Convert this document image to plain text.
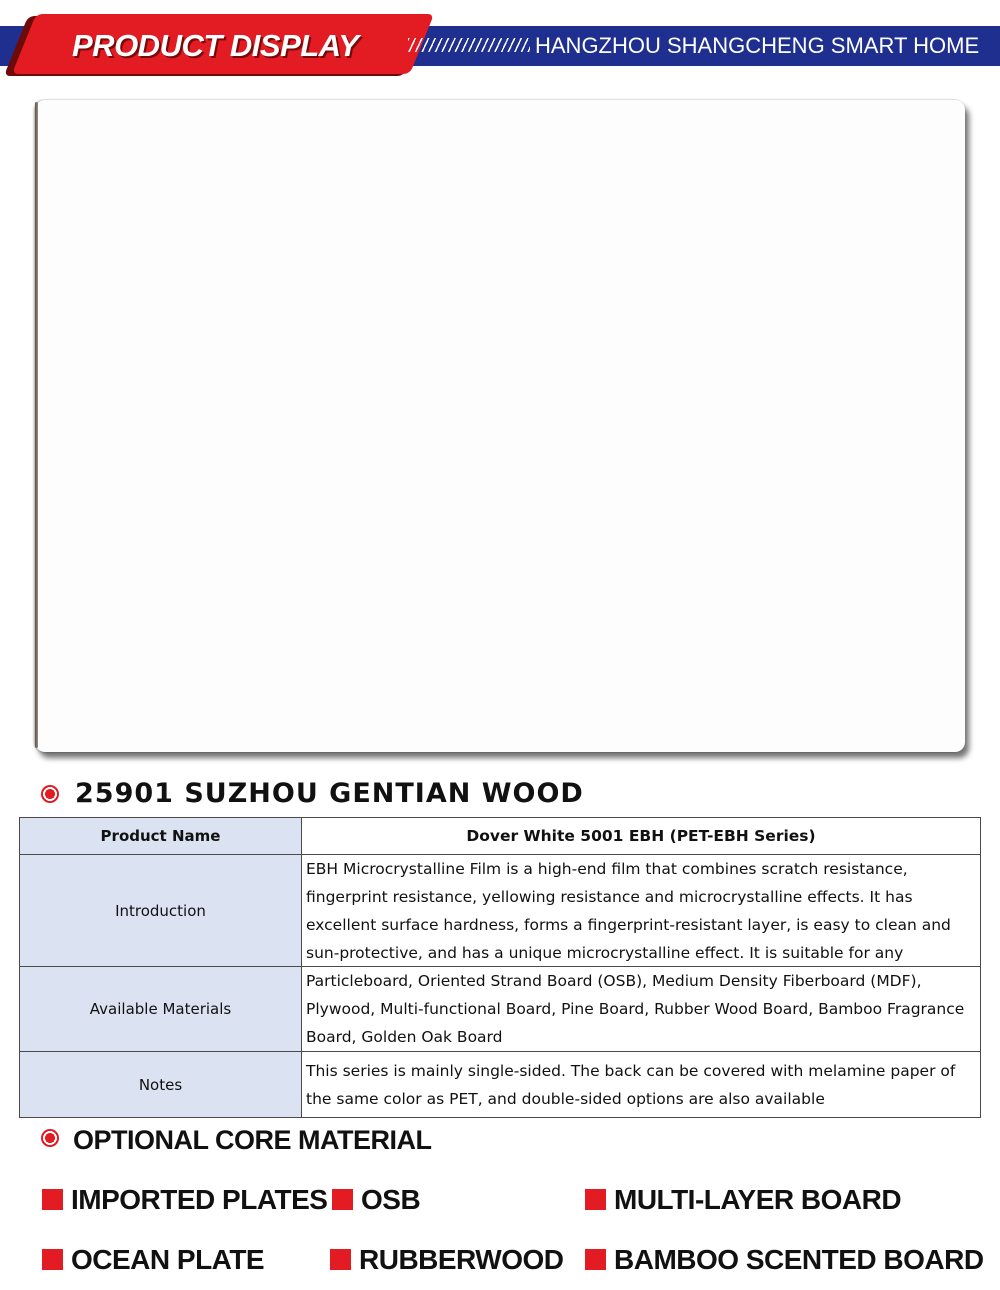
PRODUCT DISPLAY	HANGZHOU SHANGCHENG SMART HOME
25901 SUZHOU GENTIAN WOOD
Product Name	Dover White 5001 EBH (PET-EBH Series)
Introduction	EBH Microcrystalline Film is a high-end film that combines scratch resistance, fingerprint resistance, yellowing resistance and microcrystalline effects. It has excellent surface hardness, forms a fingerprint-resistant layer, is easy to clean and sun-protective, and has a unique microcrystalline effect. It is suitable for any

Available Materials	Particleboard, Oriented Strand Board (OSB), Medium Density Fiberboard (MDF), Plywood, Multi-functional Board, Pine Board, Rubber Wood Board, Bamboo Fragrance Board, Golden Oak Board
Notes	This series is mainly single-sided. The back can be covered with melamine paper of the same color as PET, and double-sided options are also available
OPTIONAL CORE MATERIAL
IMPORTED PLATES	OSB	MULTI-LAYER BOARD
OCEAN PLATE	RUBBERWOOD	BAMBOO SCENTED BOARD
